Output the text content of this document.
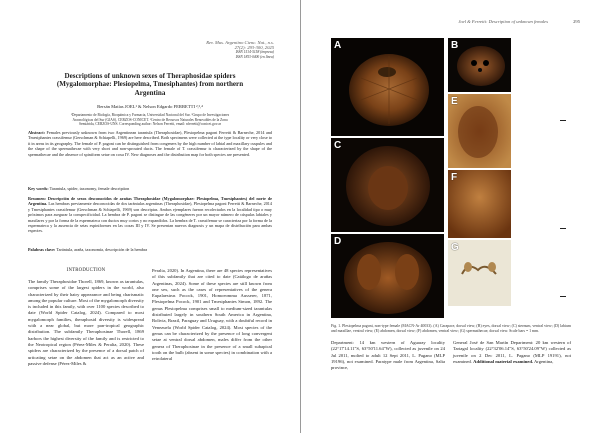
Rev. Mus. Argentino Cienc. Nat., n.s.
27(2): 293-300, 2025
ISSN 1514-5158 (impresa)
ISSN 1853-0400 (en línea)
Descriptions of unknown sexes of Theraphosidae spiders
(Mygalomorphae: Plesiopelma, Tmesiphantes) from northern
Argentina
Bersán Matías JOEL¹ & Nelson Edgardo FERRETTI ²,³,⁴
¹Departamento de Biología, Bioquímica y Farmacia, Universidad Nacional del Sur. ²Grupo de Investigaciones
Aracnológicas del Sur (GIAS), CERZOS-CONICET. ³Centro de Recursos Naturales Renovables de la Zona
Semiárida, CERZOS-UNS. Corresponding author: Nelson Ferretti, email: nferretti@conicet.gov.ar
Abstract: Females previously unknown from two Argentinean tarantula (Theraphosidae), Plesiopelma pagoni Ferretti & Barneche, 2014 and Tmesiphantes crassifemur (Gerschman & Schiapelli, 1969) are here described. Both specimens were collected at the type locality or very close to it in areas in its geography. The female of P. pagoni can be distinguished from congeners by the high number of labial and maxillary cuspules and the shape of the spermathecae with very short and non-sprouted ducts. The female of T. crassifemur is characterized by the shape of the spermathecae and the absence of spiniform setae on coxa IV. New diagnoses and the distribution map for both species are presented.
Key words: Tarantula, spider, taxonomy, female description
Resumen: Descripción de sexos desconocidos de arañas Theraphosidae (Mygalomorphae: Plesiopelma, Tmesiphantes) del norte de Argentina. Las hembras previamente desconocidas de dos tarántulas argentinas (Theraphosidae), Plesiopelma pagoni Ferretti & Barneche, 2014 y Tmesiphantes crassifemur (Gerschman & Schiapelli, 1969) son descriptas. Ambos ejemplares fueron recolectados en la localidad tipo o muy próximos para asegurar la conspecificidad. La hembra de P. pagoni se distingue de las congéneres por un mayor número de cúspulas labiales y maxilares y por la forma de la espermateca con ductos muy cortos y no expandidos. La hembra de T. crassifemur se caracteriza por la forma de la espermateca y la ausencia de setas espiniformes en las coxas III y IV. Se presentan nuevos diagnosis y un mapa de distribución para ambas especies.
Palabras clave: Tarántula, araña, taxonomía, descripción de la hembra
INTRODUCTION
The family Theraphosidae Thorell, 1869, known as tarantulas, comprises some of the largest spiders in the world, also characterized by their hairy appearance and being charismatic among the popular culture. Most of the mygalomorph diversity is included in this family, with over 1100 species described to date (World Spider Catalog, 2024). Compared to most mygalomorph families, theraphosid diversity is widespread with a near global, but more pan-tropical geographic distribution. The subfamily Theraphosinae Thorell, 1869 harbors the highest diversity of the family and is restricted to the Neotropical region (Pérez-Miles & Peralta, 2020). These spiders are characterized by the presence of a dorsal patch of urticating setae on the abdomen that act as an active and passive defense (Pérez-Miles &
Peralta, 2020). In Argentina, there are 48 species representatives of this subfamily that are cited to date (Catálogo de arañas Argentinas, 2024). Some of these species are still known from one sex, such as the cases of representatives of the genera Eupalaestrus Pocock, 1901, Homoeomma Ausserer, 1871, Plesiopelma Pocock, 1901 and Tmesiphantes Simon, 1892. The genus Plesiopelma comprises small to medium-sized tarantulas distributed largely in southern South America in Argentina, Bolivia, Brazil, Paraguay and Uruguay, with a doubtful record in Venezuela (World Spider Catalog, 2024). Most species of the genus can be characterized by the presence of long convergent setae at ventral dorsal abdomen, males differ from the other genera of Theraphosinae in the presence of a small subapical tooth on the bulb (absent in some species) in combination with a retrolateral
Joel & Ferretti: Description of unknown females	295
A	B
C
D
E
F
G
Fig. 1. Plesiopelma pagoni, non-type female (MACN-Ar 40033). (A) Carapace, dorsal view; (B) eyes, dorsal view; (C) sternum, ventral view; (D) labium and maxillae, ventral view; (E) abdomen, dorsal view; (F) abdomen, ventral view; (G) spermathecae, dorsal view. Scale bars = 1 mm.
Department: 14 km western of Aguaray locality (22°17'14.11"S, 63°50'11.64"W), collected as juvenile on 24 Jul 2011, molted to adult 12 Sept 2011, L. Pagano (MLP 19196), not examined. Paratype male from Argentina, Salta province,
General José de San Martín Department: 20 km western of Tartagal locality (22°32'06.14"S, 63°50'24.09"W) collected as juvenile on 2 Dec 2011, L. Pagano (MLP 19191), not examined. Additional material examined. Argentina,
